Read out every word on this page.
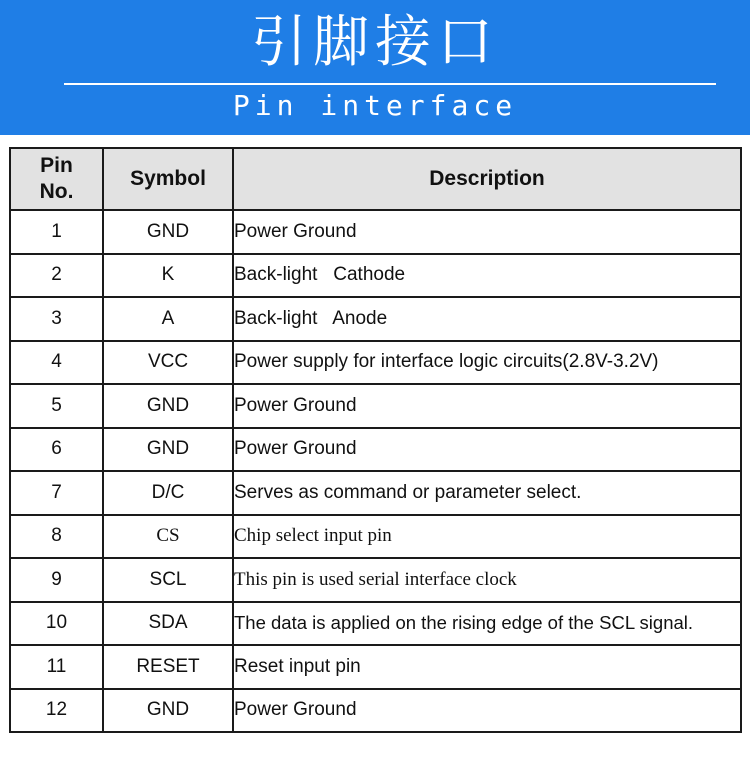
引脚接口
Pin interface
Pin
No.	Symbol	Description
1	GND	Power Ground
2	K	Back-light   Cathode
3	A	Back-light   Anode
4	VCC	Power supply for interface logic circuits(2.8V-3.2V)
5	GND	Power Ground
6	GND	Power Ground
7	D/C	Serves as command or parameter select.
8	CS	Chip select input pin
9	SCL	This pin is used serial interface clock
10	SDA	The data is applied on the rising edge of the SCL signal.
11	RESET	Reset input pin
12	GND	Power Ground
